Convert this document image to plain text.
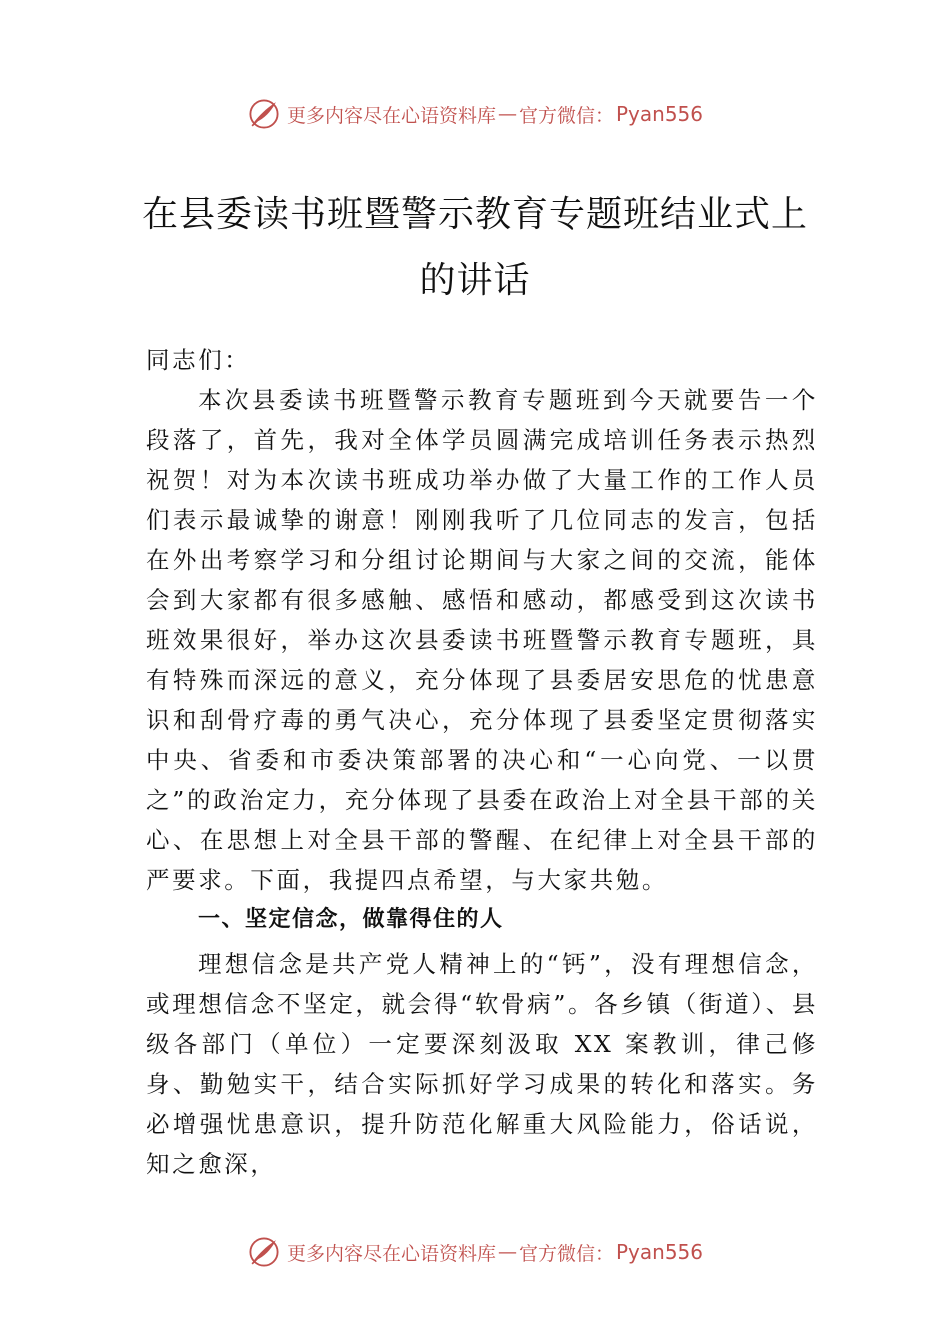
更多内容尽在心语资料库 — 官方微信： Pyan556
在县委读书班暨警示教育专题班结业式上的讲话

同志们：

本次县委读书班暨警示教育专题班到今天就要告一个段落了，首先，我对全体学员圆满完成培训任务表示热烈祝贺！对为本次读书班成功举办做了大量工作的工作人员们表示最诚挚的谢意！刚刚我听了几位同志的发言，包括在外出考察学习和分组讨论期间与大家之间的交流，能体会到大家都有很多感触、感悟和感动，都感受到这次读书班效果很好，举办这次县委读书班暨警示教育专题班，具有特殊而深远的意义，充分体现了县委居安思危的忧患意识和刮骨疗毒的勇气决心，充分体现了县委坚定贯彻落实中央、省委和市委决策部署的决心和“一心向党、一以贯之”的政治定力，充分体现了县委在政治上对全县干部的关心、在思想上对全县干部的警醒、在纪律上对全县干部的严要求。下面，我提四点希望，与大家共勉。

一、坚定信念，做靠得住的人

理想信念是共产党人精神上的“钙”，没有理想信念，或理想信念不坚定，就会得“软骨病”。各乡镇（街道）、县级各部门（单位）一定要深刻汲取 XX 案教训，律己修身、勤勉实干，结合实际抓好学习成果的转化和落实。务必增强忧患意识，提升防范化解重大风险能力，俗话说，知之愈深，

更多内容尽在心语资料库 — 官方微信： Pyan556
